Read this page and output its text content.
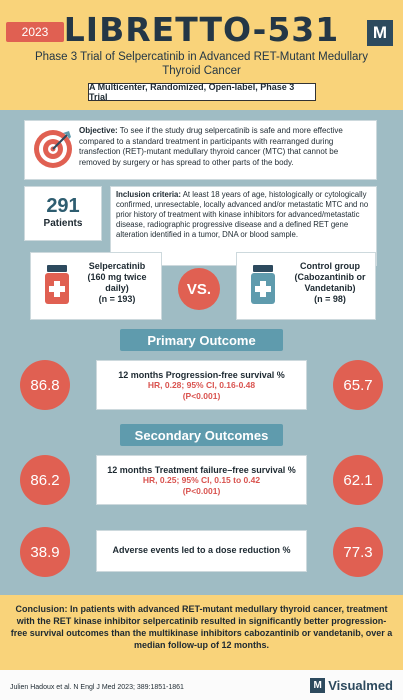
2023 LIBRETTO-531	M
Phase 3 Trial of Selpercatinib in Advanced RET-Mutant Medullary Thyroid Cancer
A Multicenter, Randomized, Open-label, Phase 3 Trial
Objective: To see if the study drug selpercatinib is safe and more effective compared to a standard treatment in participants with rearranged during transfection (RET)-mutant medullary thyroid cancer (MTC) that cannot be removed by surgery or has spread to other parts of the body.
291
Patients
Inclusion criteria: At least 18 years of age, histologically or cytologically confirmed, unresectable, locally advanced and/or metastatic MTC and no prior history of treatment with kinase inhibitors for advanced/metastatic disease, radiographic progressive disease and a defined RET gene alteration identified in a tumor, DNA or blood sample.
Selpercatinib
(160 mg twice daily)
(n = 193)
VS.
Control group
(Cabozantinib or Vandetanib)
(n = 98)
Primary Outcome
86.8
12 months Progression-free survival %
HR, 0.28; 95% CI, 0.16-0.48
(P<0.001)
65.7
Secondary Outcomes
86.2
12 months Treatment failure–free survival %
HR, 0.25; 95% CI, 0.15 to 0.42
(P<0.001)
62.1
38.9	Adverse events led to a dose reduction %	77.3
Conclusion: In patients with advanced RET-mutant medullary thyroid cancer, treatment with the RET kinase inhibitor selpercatinib resulted in significantly better progression-free survival outcomes than the multikinase inhibitors cabozantinib or vandetanib, over a median follow-up of 12 months.
Julien Hadoux et al. N Engl J Med 2023; 389:1851-1861	M Visualmed
